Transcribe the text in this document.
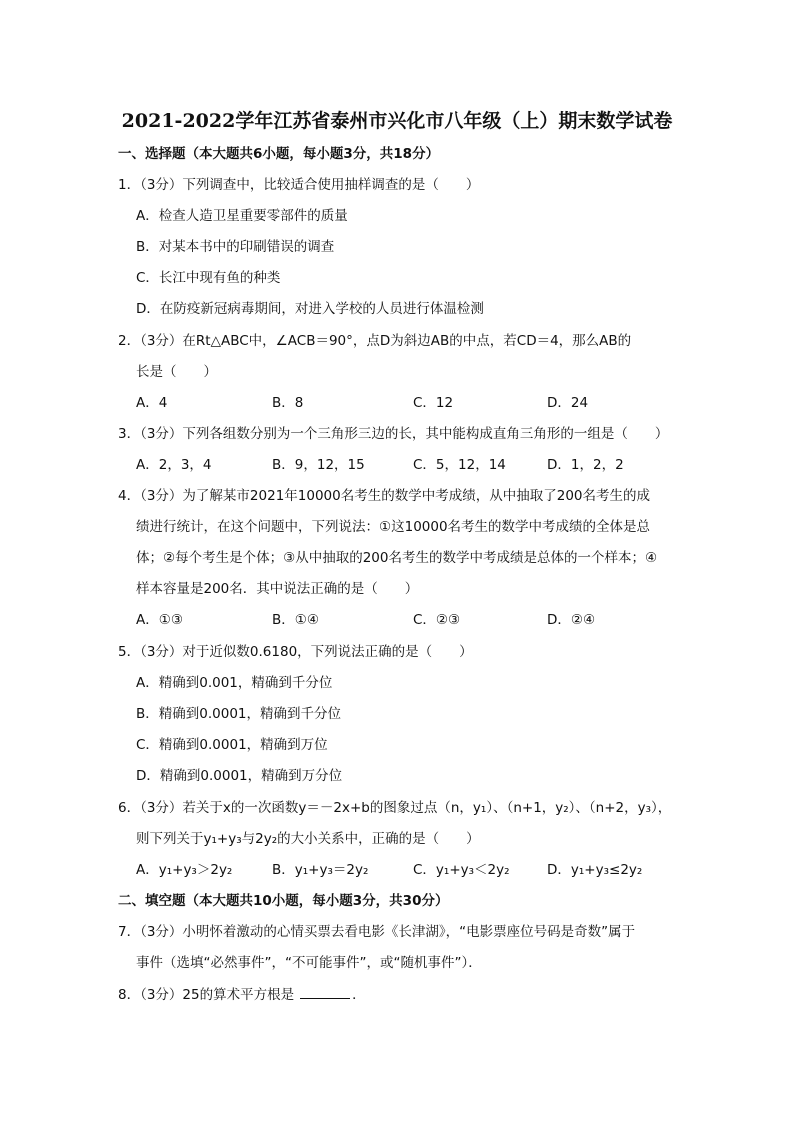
2021-2022学年江苏省泰州市兴化市八年级（上）期末数学试卷
一、选择题（本大题共6小题，每小题3分，共18分）
1．（3分）下列调查中，比较适合使用抽样调查的是（　　）
A．检查人造卫星重要零部件的质量
B．对某本书中的印刷错误的调查
C．长江中现有鱼的种类
D．在防疫新冠病毒期间，对进入学校的人员进行体温检测
2．（3分）在Rt△ABC中，∠ACB＝90°，点D为斜边AB的中点，若CD＝4，那么AB的
长是（　　）
A．4	B．8	C．12	D．24
3．（3分）下列各组数分别为一个三角形三边的长，其中能构成直角三角形的一组是（　　）
A．2，3，4	B．9，12，15	C．5，12，14	D．1，2，2
4．（3分）为了解某市2021年10000名考生的数学中考成绩，从中抽取了200名考生的成
绩进行统计，在这个问题中，下列说法：①这10000名考生的数学中考成绩的全体是总
体；②每个考生是个体；③从中抽取的200名考生的数学中考成绩是总体的一个样本；④
样本容量是200名．其中说法正确的是（　　）
A．①③	B．①④	C．②③	D．②④
5．（3分）对于近似数0.6180，下列说法正确的是（　　）
A．精确到0.001，精确到千分位
B．精确到0.0001，精确到千分位
C．精确到0.0001，精确到万位
D．精确到0.0001，精确到万分位
6．（3分）若关于x的一次函数y＝－2x+b的图象过点（n，y₁）、（n+1，y₂）、（n+2，y₃），
则下列关于y₁+y₃与2y₂的大小关系中，正确的是（　　）
A．y₁+y₃＞2y₂	B．y₁+y₃＝2y₂	C．y₁+y₃＜2y₂	D．y₁+y₃≤2y₂
二、填空题（本大题共10小题，每小题3分，共30分）
7．（3分）小明怀着激动的心情买票去看电影《长津湖》，“电影票座位号码是奇数”属于
事件（选填“必然事件”，“不可能事件”，或“随机事件”）．
8．（3分）25的算术平方根是	．
